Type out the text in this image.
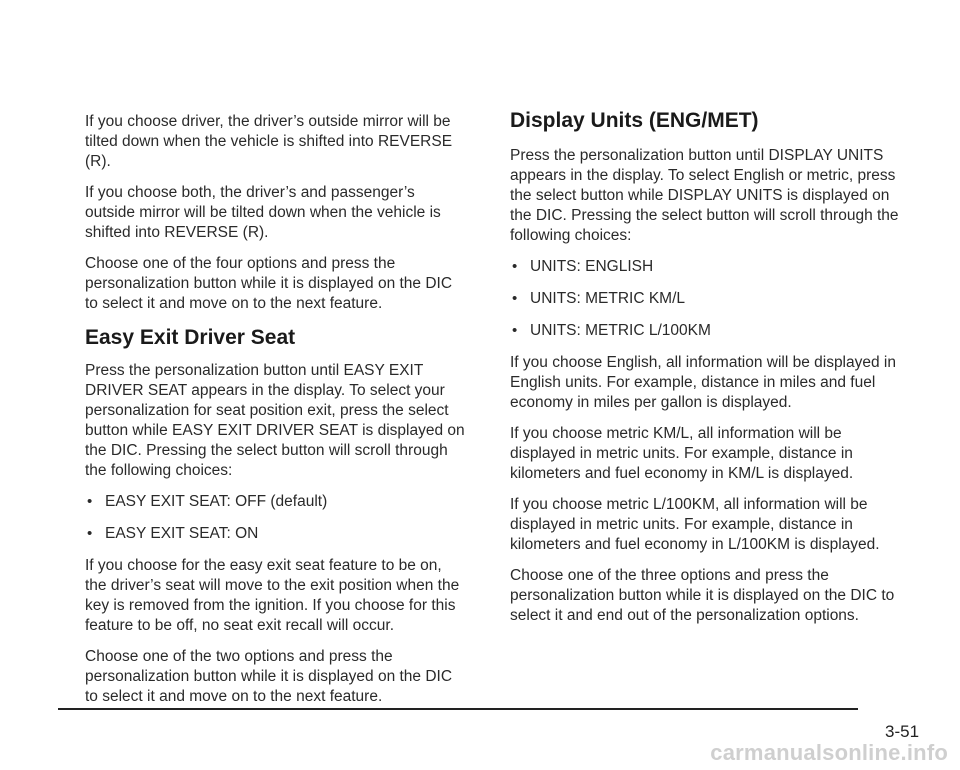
If you choose driver, the driver’s outside mirror will be tilted down when the vehicle is shifted into REVERSE (R).

If you choose both, the driver’s and passenger’s outside mirror will be tilted down when the vehicle is shifted into REVERSE (R).

Choose one of the four options and press the personalization button while it is displayed on the DIC to select it and move on to the next feature.

Easy Exit Driver Seat

Press the personalization button until EASY EXIT DRIVER SEAT appears in the display. To select your personalization for seat position exit, press the select button while EASY EXIT DRIVER SEAT is displayed on the DIC. Pressing the select button will scroll through the following choices:

• EASY EXIT SEAT: OFF (default)
• EASY EXIT SEAT: ON

If you choose for the easy exit seat feature to be on, the driver’s seat will move to the exit position when the key is removed from the ignition. If you choose for this feature to be off, no seat exit recall will occur.

Choose one of the two options and press the personalization button while it is displayed on the DIC to select it and move on to the next feature.

Display Units (ENG/MET)

Press the personalization button until DISPLAY UNITS appears in the display. To select English or metric, press the select button while DISPLAY UNITS is displayed on the DIC. Pressing the select button will scroll through the following choices:

• UNITS: ENGLISH
• UNITS: METRIC KM/L
• UNITS: METRIC L/100KM

If you choose English, all information will be displayed in English units. For example, distance in miles and fuel economy in miles per gallon is displayed.

If you choose metric KM/L, all information will be displayed in metric units. For example, distance in kilometers and fuel economy in KM/L is displayed.

If you choose metric L/100KM, all information will be displayed in metric units. For example, distance in kilometers and fuel economy in L/100KM is displayed.

Choose one of the three options and press the personalization button while it is displayed on the DIC to select it and end out of the personalization options.

3-51
carmanualsonline.info
